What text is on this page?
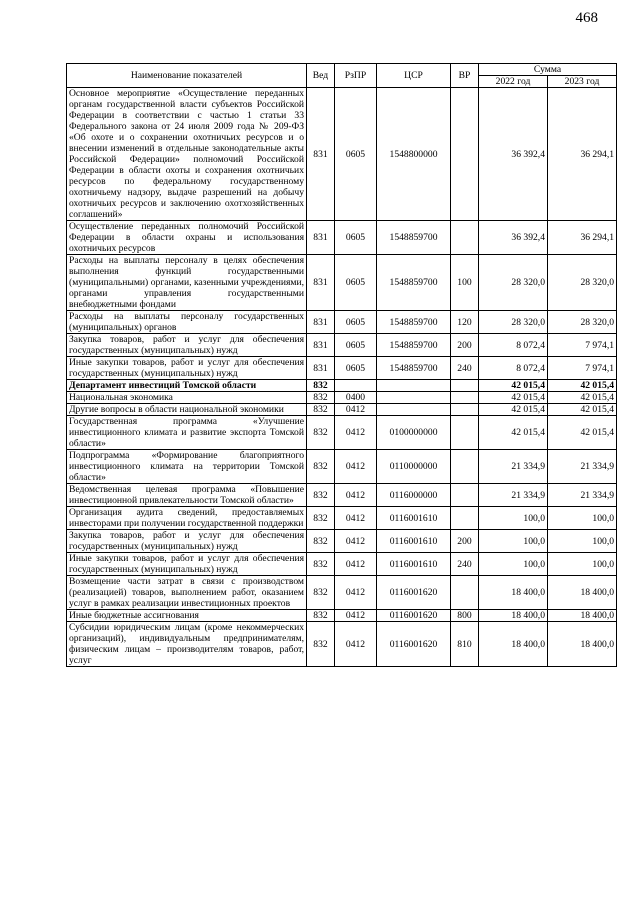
468
Наименование показателей	Вед	РзПР	ЦСР	ВР	Сумма	
					2022 год	2023 год
Основное мероприятие «Осуществление переданных органам государственной власти субъектов Российской Федерации в соответствии с частью 1 статьи 33 Федерального закона от 24 июля 2009 года № 209-ФЗ «Об охоте и о сохранении охотничьих ресурсов и о внесении изменений в отдельные законодательные акты Российской Федерации» полномочий Российской Федерации в области охоты и сохранения охотничьих ресурсов по федеральному государственному охотничьему надзору, выдаче разрешений на добычу охотничьих ресурсов и заключению охотхозяйственных соглашений»	831	0605	1548800000		36 392,4	36 294,1
Осуществление переданных полномочий Российской Федерации в области охраны и использования охотничьих ресурсов	831	0605	1548859700		36 392,4	36 294,1
Расходы на выплаты персоналу в целях обеспечения выполнения функций государственными (муниципальными) органами, казенными учреждениями, органами управления государственными внебюджетными фондами	831	0605	1548859700	100	28 320,0	28 320,0
Расходы на выплаты персоналу государственных (муниципальных) органов	831	0605	1548859700	120	28 320,0	28 320,0
Закупка товаров, работ и услуг для обеспечения государственных (муниципальных) нужд	831	0605	1548859700	200	8 072,4	7 974,1
Иные закупки товаров, работ и услуг для обеспечения государственных (муниципальных) нужд	831	0605	1548859700	240	8 072,4	7 974,1
Департамент инвестиций Томской области	832				42 015,4	42 015,4
Национальная экономика	832	0400			42 015,4	42 015,4
Другие вопросы в области национальной экономики	832	0412			42 015,4	42 015,4
Государственная программа «Улучшение инвестиционного климата и развитие экспорта Томской области»	832	0412	0100000000		42 015,4	42 015,4
Подпрограмма «Формирование благоприятного инвестиционного климата на территории Томской области»	832	0412	0110000000		21 334,9	21 334,9
Ведомственная целевая программа «Повышение инвестиционной привлекательности Томской области»	832	0412	0116000000		21 334,9	21 334,9
Организация аудита сведений, предоставляемых инвесторами при получении государственной поддержки	832	0412	0116001610		100,0	100,0
Закупка товаров, работ и услуг для обеспечения государственных (муниципальных) нужд	832	0412	0116001610	200	100,0	100,0
Иные закупки товаров, работ и услуг для обеспечения государственных (муниципальных) нужд	832	0412	0116001610	240	100,0	100,0
Возмещение части затрат в связи с производством (реализацией) товаров, выполнением работ, оказанием услуг в рамках реализации инвестиционных проектов	832	0412	0116001620		18 400,0	18 400,0
Иные бюджетные ассигнования	832	0412	0116001620	800	18 400,0	18 400,0
Субсидии юридическим лицам (кроме некоммерческих организаций), индивидуальным предпринимателям, физическим лицам – производителям товаров, работ, услуг	832	0412	0116001620	810	18 400,0	18 400,0
